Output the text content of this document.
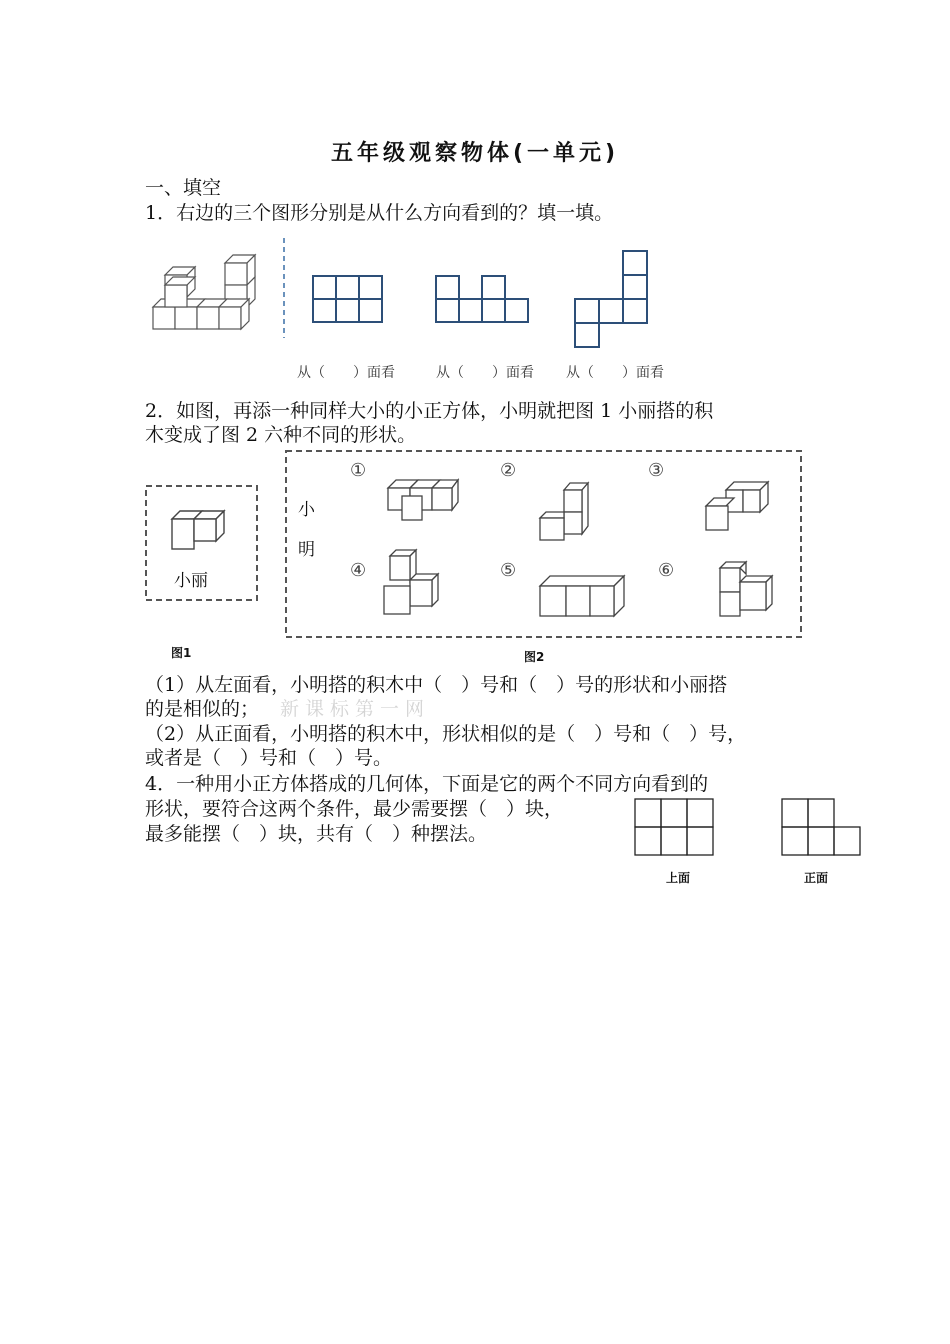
五年级观察物体(一单元)
一、填空
1．右边的三个图形分别是从什么方向看到的？填一填。
从（　　）面看	从（　　）面看 从（　　）面看
2．如图，再添一种同样大小的小正方体，小明就把图 1 小丽搭的积
木变成了图 2 六种不同的形状。
小丽
图1
小明
图2
①	②	③
④	⑤	⑥
（1）从左面看，小明搭的积木中（　）号和（　）号的形状和小丽搭
的是相似的； 新课标第一网
（2）从正面看，小明搭的积木中，形状相似的是（　）号和（　）号，
或者是（　）号和（　）号。
4．一种用小正方体搭成的几何体，下面是它的两个不同方向看到的
形状，要符合这两个条件，最少需要摆（　）块，
最多能摆（　）块，共有（　）种摆法。
上面	正面
